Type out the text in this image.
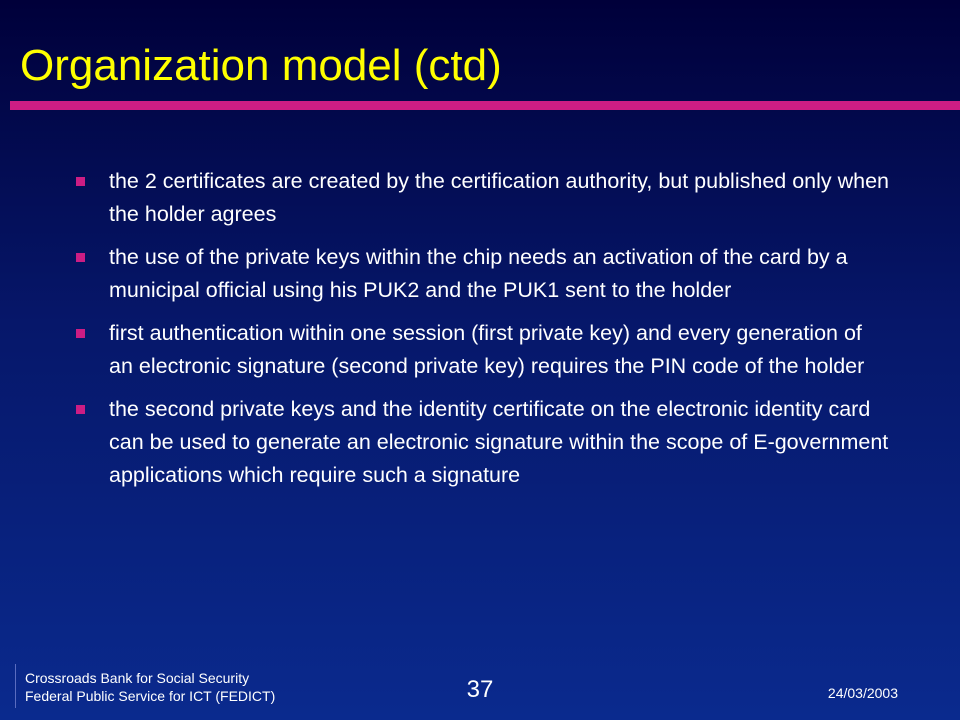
Organization model (ctd)
the 2 certificates are created by the certification authority, but published only when the holder agrees
the use of the private keys within the chip needs an activation of the card by a municipal official using his PUK2 and the PUK1 sent to the holder
first authentication within one session (first private key) and every generation of an electronic signature (second private key) requires the PIN code of the holder
the second private keys and the identity certificate on the electronic identity card can be used to generate an electronic signature within the scope of E-government applications which require such a signature
Crossroads Bank for Social Security
Federal Public Service for ICT (FEDICT)	37	24/03/2003
